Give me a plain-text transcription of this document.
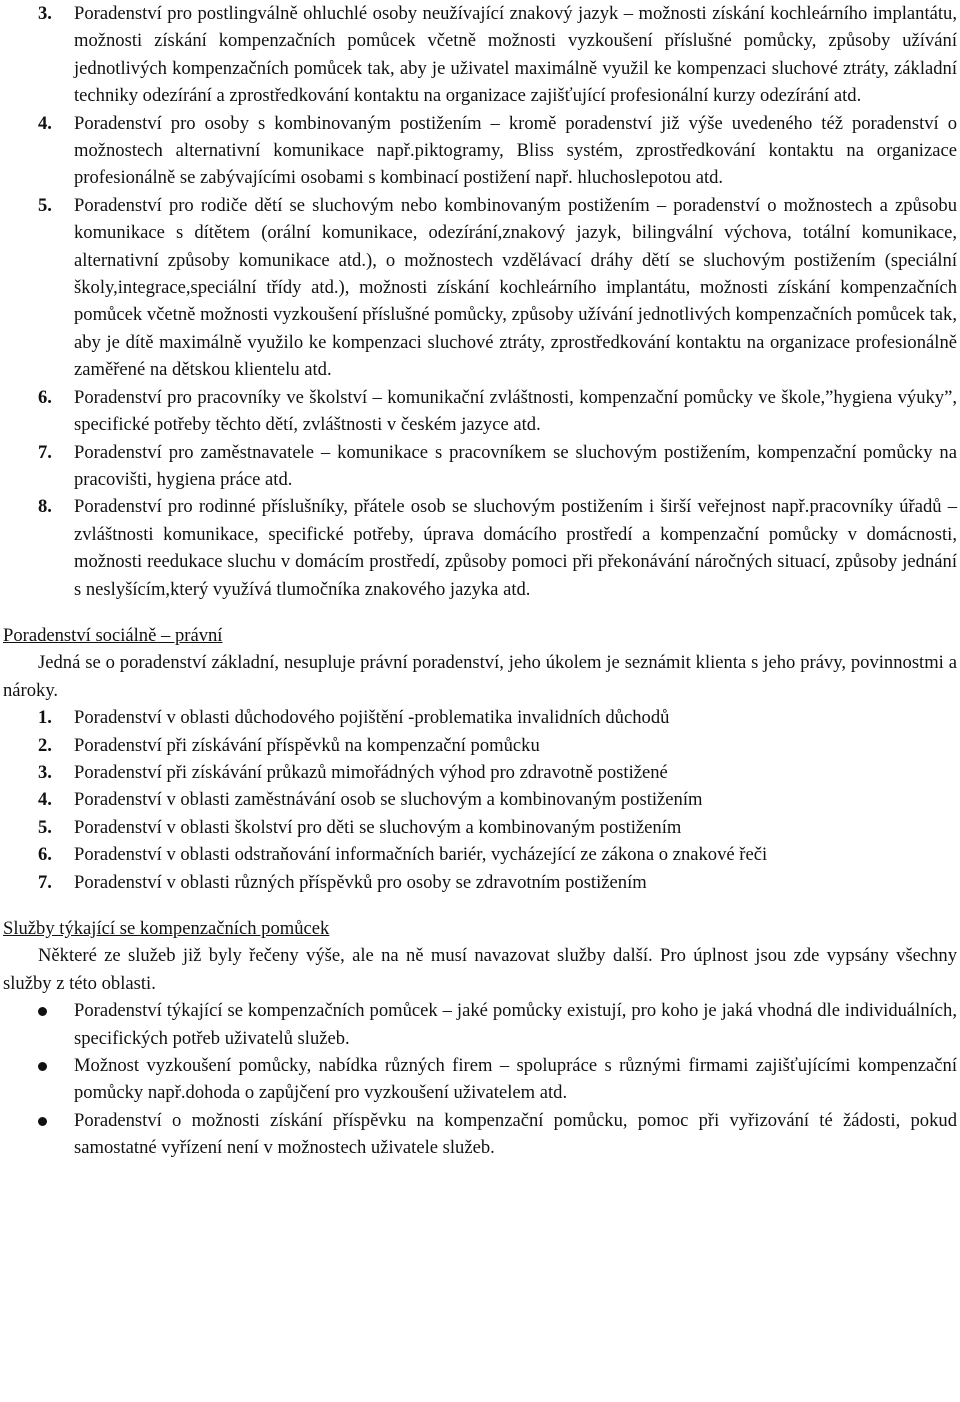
3. Poradenství pro postlingválně ohluchlé osoby neužívající znakový jazyk – možnosti získání kochleárního implantátu, možnosti získání kompenzačních pomůcek včetně možnosti vyzkoušení příslušné pomůcky, způsoby užívání jednotlivých kompenzačních pomůcek tak, aby je uživatel maximálně využil ke kompenzaci sluchové ztráty, základní techniky odezírání a zprostředkování kontaktu na organizace zajišťující profesionální kurzy odezírání atd.
4. Poradenství pro osoby s kombinovaným postižením – kromě poradenství již výše uvedeného též poradenství o možnostech alternativní komunikace např.piktogramy, Bliss systém, zprostředkování kontaktu na organizace profesionálně se zabývajícími osobami s kombinací postižení např. hluchoslepotou atd.
5. Poradenství pro rodiče dětí se sluchovým nebo kombinovaným postižením – poradenství o možnostech a způsobu komunikace s dítětem (orální komunikace, odezírání,znakový jazyk, bilingvální výchova, totální komunikace, alternativní způsoby komunikace atd.), o možnostech vzdělávací dráhy dětí se sluchovým postižením (speciální školy,integrace,speciální třídy atd.), možnosti získání kochleárního implantátu, možnosti získání kompenzačních pomůcek včetně možnosti vyzkoušení příslušné pomůcky, způsoby užívání jednotlivých kompenzačních pomůcek tak, aby je dítě maximálně využilo ke kompenzaci sluchové ztráty, zprostředkování kontaktu na organizace profesionálně zaměřené na dětskou klientelu atd.
6. Poradenství pro pracovníky ve školství – komunikační zvláštnosti, kompenzační pomůcky ve škole,”hygiena výuky”, specifické potřeby těchto dětí, zvláštnosti v českém jazyce atd.
7. Poradenství pro zaměstnavatele – komunikace s pracovníkem se sluchovým postižením, kompenzační pomůcky na pracovišti, hygiena práce atd.
8. Poradenství pro rodinné příslušníky, přátele osob se sluchovým postižením i širší veřejnost např.pracovníky úřadů – zvláštnosti komunikace, specifické potřeby, úprava domácího prostředí a kompenzační pomůcky v domácnosti, možnosti reedukace sluchu v domácím prostředí, způsoby pomoci při překonávání náročných situací, způsoby jednání s neslyšícím,který využívá tlumočníka znakového jazyka atd.
Poradenství sociálně – právní
Jedná se o poradenství základní, nesupluje právní poradenství, jeho úkolem je seznámit klienta s jeho právy, povinnostmi a nároky.
1. Poradenství v oblasti důchodového pojištění -problematika invalidních důchodů
2. Poradenství při získávání příspěvků na kompenzační pomůcku
3. Poradenství při získávání průkazů mimořádných výhod pro zdravotně postižené
4. Poradenství v oblasti zaměstnávání osob se sluchovým a kombinovaným postižením
5. Poradenství v oblasti školství pro děti se sluchovým a kombinovaným postižením
6. Poradenství v oblasti odstraňování informačních bariér, vycházející ze zákona o znakové řeči
7. Poradenství v oblasti různých příspěvků pro osoby se zdravotním postižením
Služby týkající se kompenzačních pomůcek
Některé ze služeb již byly řečeny výše, ale na ně musí navazovat služby další. Pro úplnost jsou zde vypsány všechny služby z této oblasti.
Poradenství týkající se kompenzačních pomůcek – jaké pomůcky existují, pro koho je jaká vhodná dle individuálních, specifických potřeb uživatelů služeb.
Možnost vyzkoušení pomůcky, nabídka různých firem – spolupráce s různými firmami zajišťujícími kompenzační pomůcky např.dohoda o zapůjčení pro vyzkoušení uživatelem atd.
Poradenství o možnosti získání příspěvku na kompenzační pomůcku, pomoc při vyřizování té žádosti, pokud samostatné vyřízení není v možnostech uživatele služeb.
